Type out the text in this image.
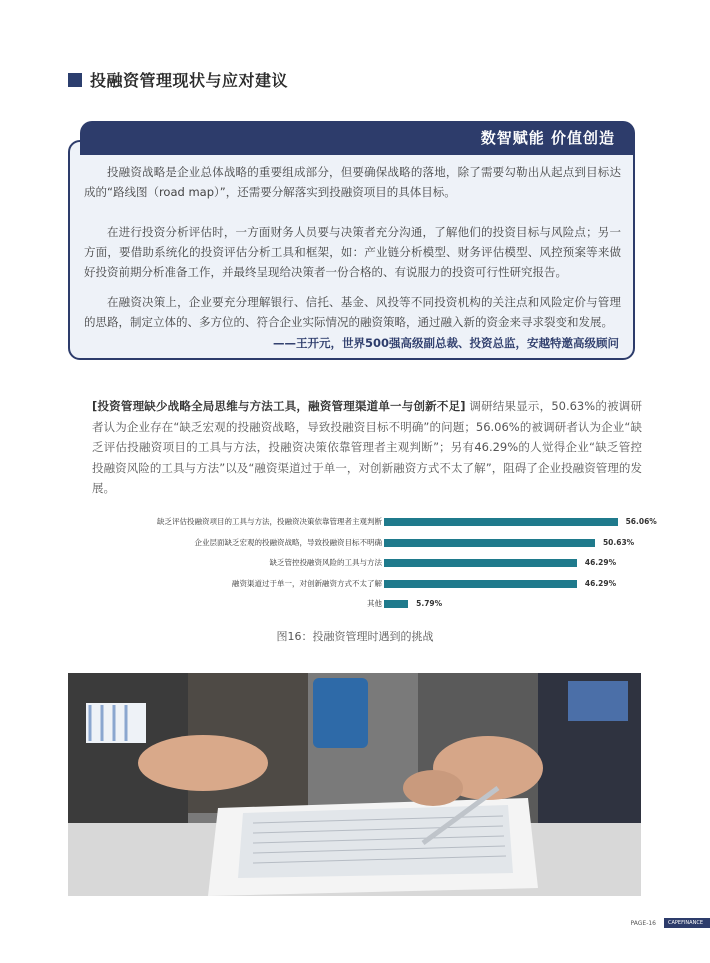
投融资管理现状与应对建议

投融资战略是企业总体战略的重要组成部分，但要确保战略的落地，除了需要勾勒出从起点到目标达成的“路线图（road map）”，还需要分解落实到投融资项目的具体目标。

在进行投资分析评估时，一方面财务人员要与决策者充分沟通，了解他们的投资目标与风险点；另一方面，要借助系统化的投资评估分析工具和框架，如：产业链分析模型、财务评估模型、风控预案等来做好投资前期分析准备工作，并最终呈现给决策者一份合格的、有说服力的投资可行性研究报告。

在融资决策上，企业要充分理解银行、信托、基金、风投等不同投资机构的关注点和风险定价与管理的思路，制定立体的、多方位的、符合企业实际情况的融资策略，通过融入新的资金来寻求裂变和发展。

——王开元，世界500强高级副总裁、投资总监，安越特邀高级顾问
数智赋能 价值创造

[投资管理缺少战略全局思维与方法工具，融资管理渠道单一与创新不足] 调研结果显示，50.63%的被调研者认为企业存在“缺乏宏观的投融资战略，导致投融资目标不明确”的问题；56.06%的被调研者认为企业“缺乏评估投融资项目的工具与方法，投融资决策依靠管理者主观判断”；另有46.29%的人觉得企业“缺乏管控投融资风险的工具与方法”以及“融资渠道过于单一，对创新融资方式不太了解”，阻碍了企业投融资管理的发展。

缺乏评估投融资项目的工具与方法，投融资决策依靠管理者主观判断	56.06%
企业层面缺乏宏观的投融资战略，导致投融资目标不明确	50.63%
缺乏管控投融资风险的工具与方法	46.29%
融资渠道过于单一，对创新融资方式不太了解	46.29%
其他	5.79%
图16：投融资管理时遇到的挑战
PAGE-16	CAPEFINANCE
